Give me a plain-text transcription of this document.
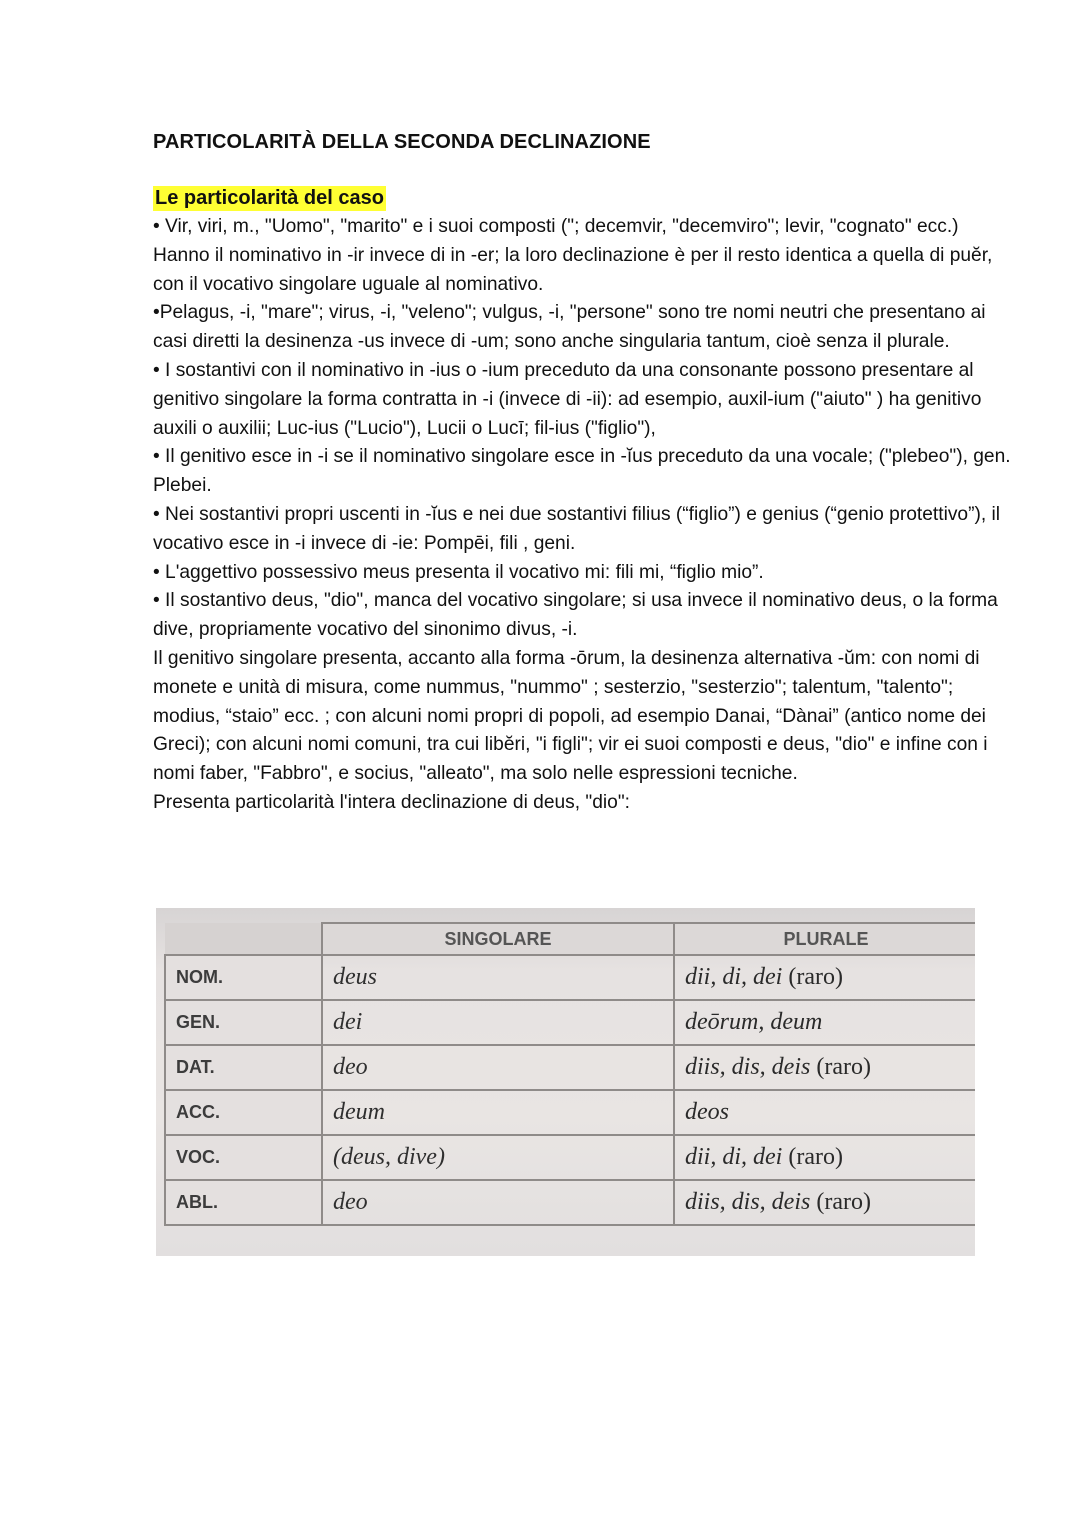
PARTICOLARITÀ DELLA SECONDA DECLINAZIONE
Le particolarità del caso

• Vir, viri, m., "Uomo", "marito" e i suoi composti ("; decemvir, "decemviro"; levir, "cognato" ecc.) Hanno il nominativo in -ir invece di in -er; la loro declinazione è per il resto identica a quella di puĕr, con il vocativo singolare uguale al nominativo.

•Pelagus, -i, "mare"; virus, -i, "veleno"; vulgus, -i, "persone" sono tre nomi neutri che presentano ai casi diretti la desinenza -us invece di -um; sono anche singularia tantum, cioè senza il plurale.

• I sostantivi con il nominativo in -ius o -ium preceduto da una consonante possono presentare al genitivo singolare la forma contratta in -i (invece di -ii): ad esempio, auxil-ium ("aiuto" ) ha genitivo auxili o auxilii; Luc-ius ("Lucio"), Lucii o Lucī; fil-ius ("figlio"),

• Il genitivo esce in -i se il nominativo singolare esce in -ĭus preceduto da una vocale; ("plebeo"), gen. Plebei.

• Nei sostantivi propri uscenti in -ĭus e nei due sostantivi filius (“figlio”) e genius (“genio protettivo”), il vocativo esce in -i invece di -ie: Pompēi, fili , geni.

• L'aggettivo possessivo meus presenta il vocativo mi: fili mi, “figlio mio”.

• Il sostantivo deus, "dio", manca del vocativo singolare; si usa invece il nominativo deus, o la forma dive, propriamente vocativo del sinonimo divus, -i.

Il genitivo singolare presenta, accanto alla forma -ōrum, la desinenza alternativa -ŭm: con nomi di monete e unità di misura, come nummus, "nummo" ; sesterzio, "sesterzio"; talentum, "talento"; modius, “staio” ecc. ; con alcuni nomi propri di popoli, ad esempio Danai, “Dànai” (antico nome dei Greci); con alcuni nomi comuni, tra cui libĕri, "i figli"; vir ei suoi composti e deus, "dio" e infine con i nomi faber, "Fabbro", e socius, "alleato", ma solo nelle espressioni tecniche.

Presenta particolarità l'intera declinazione di deus, "dio":

	SINGOLARE	PLURALE
NOM.	deus	dii, di, dei (raro)
GEN.	dei	deōrum, deum
DAT.	deo	diis, dis, deis (raro)
ACC.	deum	deos
VOC.	(deus, dive)	dii, di, dei (raro)
ABL.	deo	diis, dis, deis (raro)
